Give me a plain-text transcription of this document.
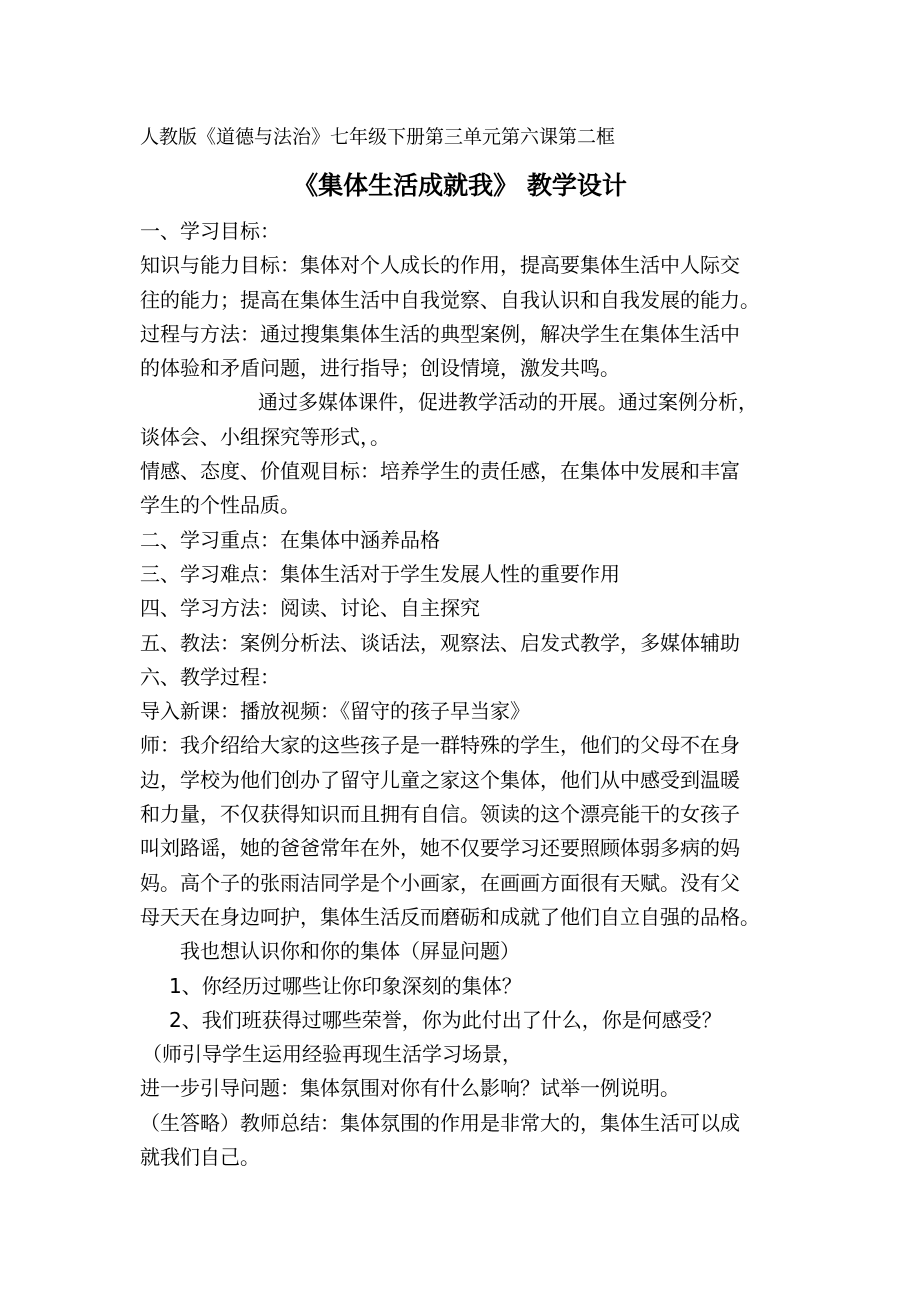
人教版《道德与法治》七年级下册第三单元第六课第二框
《集体生活成就我》 教学设计
一、学习目标：
知识与能力目标：集体对个人成长的作用，提高要集体生活中人际交
往的能力；提高在集体生活中自我觉察、自我认识和自我发展的能力。
过程与方法：通过搜集集体生活的典型案例，解决学生在集体生活中
的体验和矛盾问题，进行指导；创设情境，激发共鸣。
通过多媒体课件，促进教学活动的开展。通过案例分析，
谈体会、小组探究等形式，。
情感、态度、价值观目标：培养学生的责任感，在集体中发展和丰富
学生的个性品质。
二、学习重点：在集体中涵养品格
三、学习难点：集体生活对于学生发展人性的重要作用
四、学习方法：阅读、讨论、自主探究
五、教法：案例分析法、谈话法，观察法、启发式教学，多媒体辅助
六、教学过程：
导入新课：播放视频：《留守的孩子早当家》
师：我介绍给大家的这些孩子是一群特殊的学生，他们的父母不在身
边，学校为他们创办了留守儿童之家这个集体，他们从中感受到温暖
和力量，不仅获得知识而且拥有自信。领读的这个漂亮能干的女孩子
叫刘路谣，她的爸爸常年在外，她不仅要学习还要照顾体弱多病的妈
妈。高个子的张雨洁同学是个小画家，在画画方面很有天赋。没有父
母天天在身边呵护，集体生活反而磨砺和成就了他们自立自强的品格。
我也想认识你和你的集体（屏显问题）
1、你经历过哪些让你印象深刻的集体？
2、我们班获得过哪些荣誉，你为此付出了什么，你是何感受？
（师引导学生运用经验再现生活学习场景，
进一步引导问题：集体氛围对你有什么影响？试举一例说明。
（生答略）教师总结：集体氛围的作用是非常大的，集体生活可以成
就我们自己。
